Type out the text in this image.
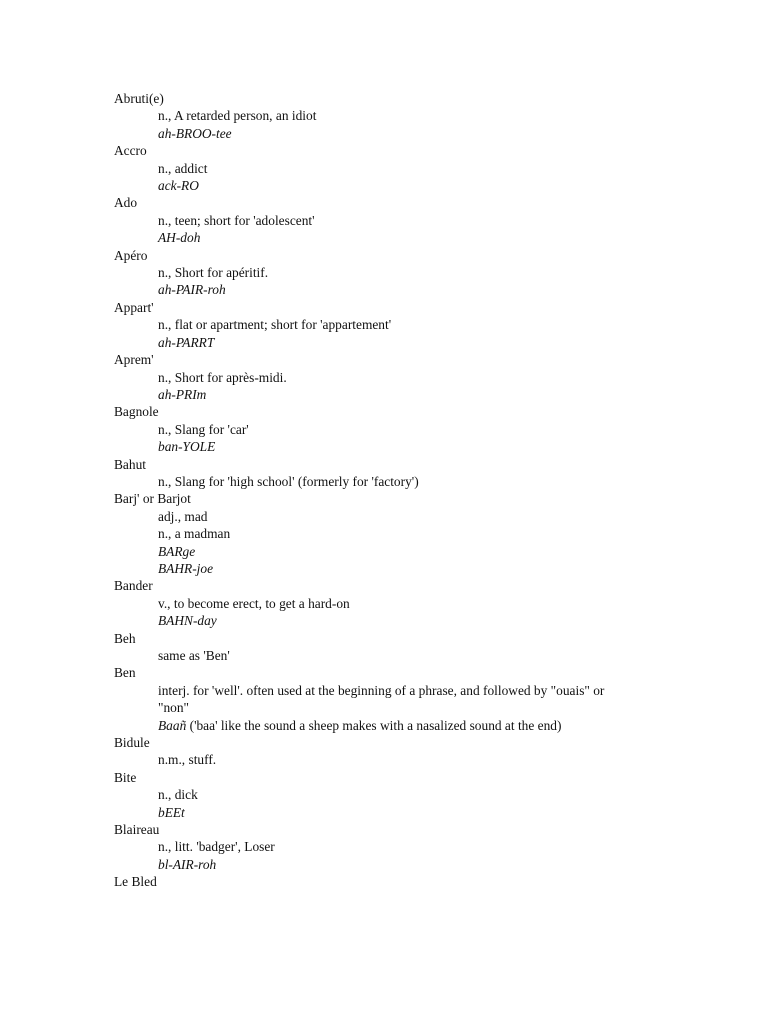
Abruti(e)
n., A retarded person, an idiot
ah-BROO-tee
Accro
n., addict
ack-RO
Ado
n., teen; short for 'adolescent'
AH-doh
Apéro
n., Short for apéritif.
ah-PAIR-roh
Appart'
n., flat or apartment; short for 'appartement'
ah-PARRT
Aprem'
n., Short for après-midi.
ah-PRIm
Bagnole
n., Slang for 'car'
ban-YOLE
Bahut
n., Slang for 'high school' (formerly for 'factory')
Barj' or Barjot
adj., mad
n., a madman
BARge
BAHR-joe
Bander
v., to become erect, to get a hard-on
BAHN-day
Beh
same as 'Ben'
Ben
interj. for 'well'. often used at the beginning of a phrase, and followed by "ouais" or
"non"
Baañ ('baa' like the sound a sheep makes with a nasalized sound at the end)
Bidule
n.m., stuff.
Bite
n., dick
bEEt
Blaireau
n., litt. 'badger', Loser
bl-AIR-roh
Le Bled
